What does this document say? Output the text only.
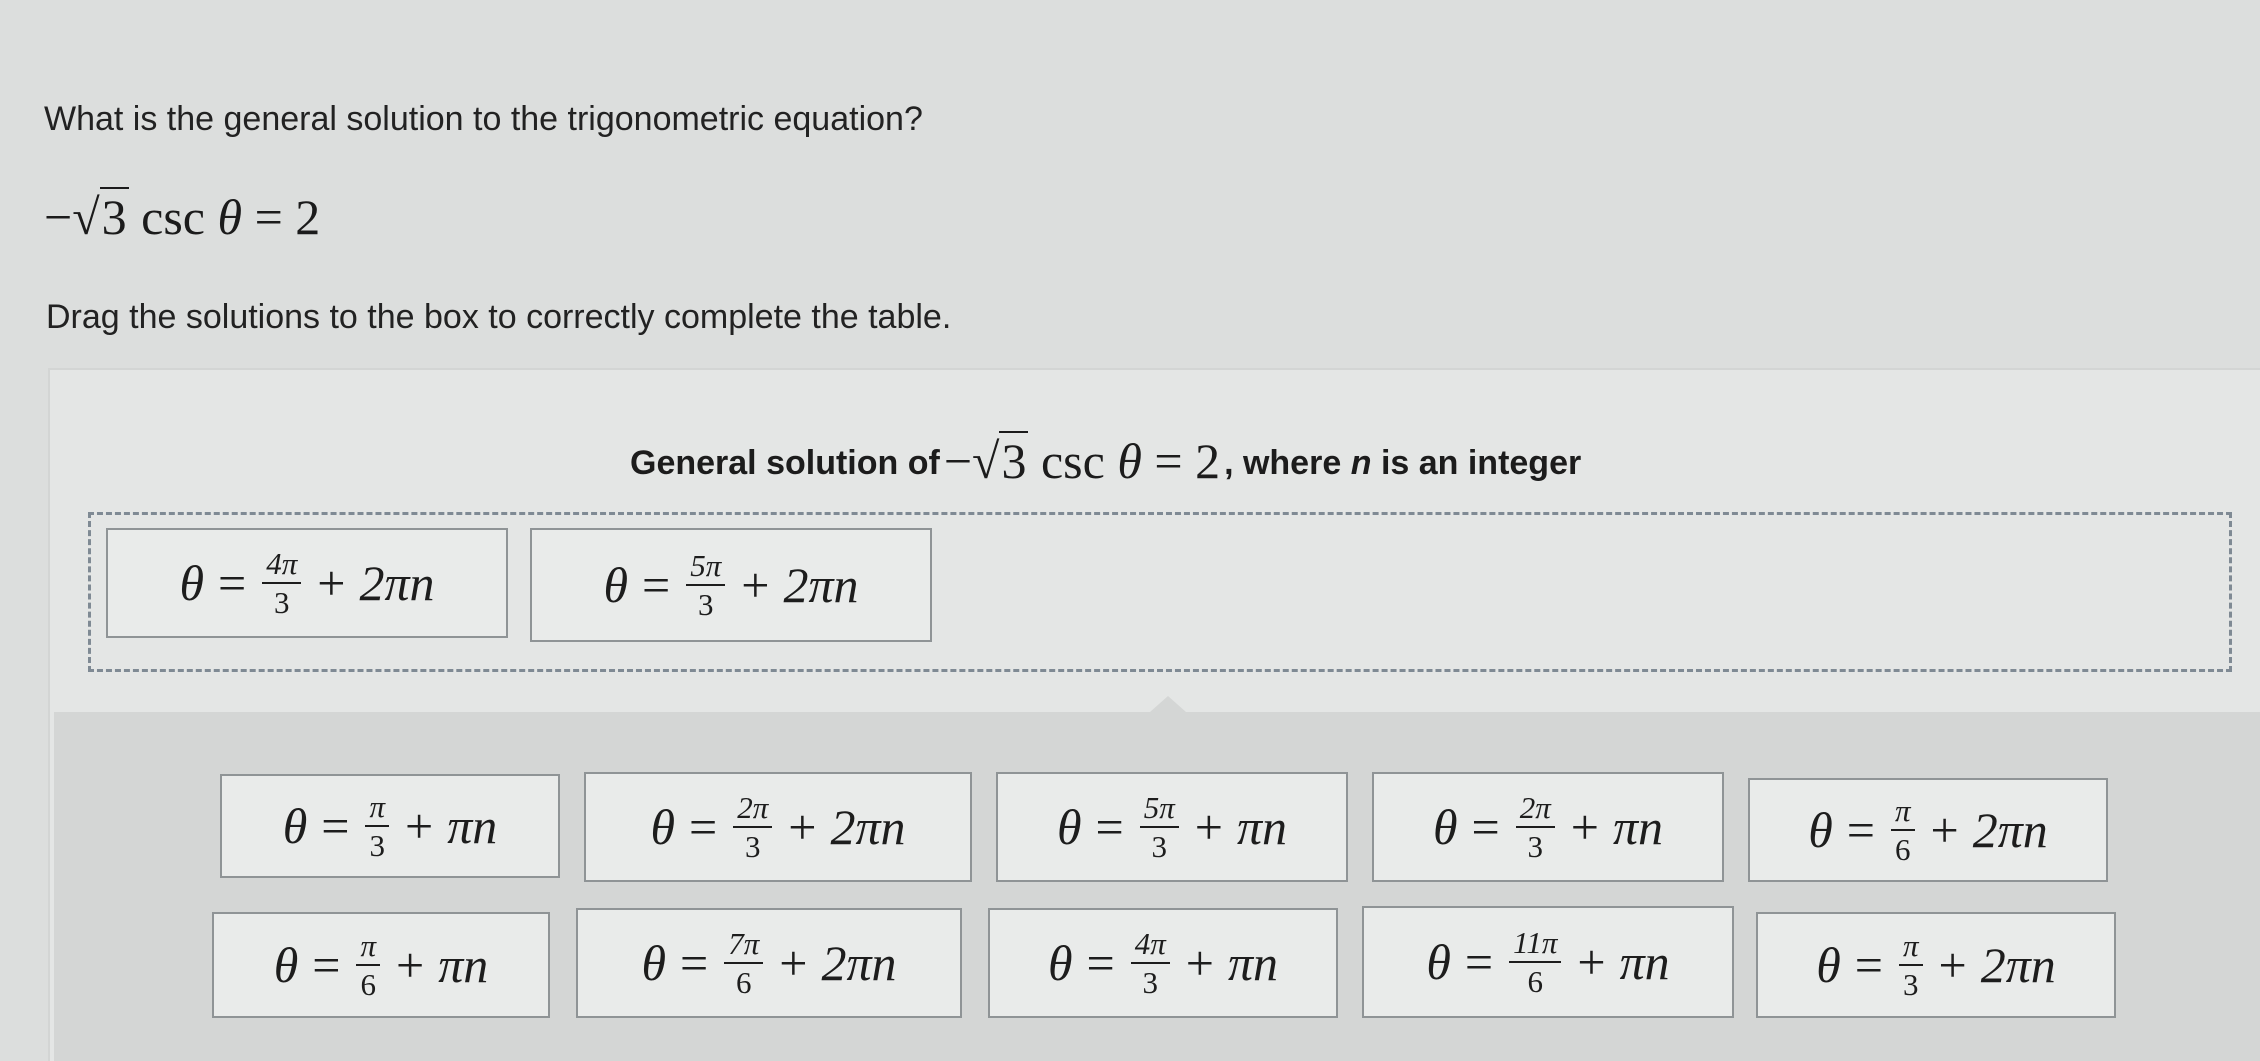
What is the general solution to the trigonometric equation?
−√3 csc θ = 2
Drag the solutions to the box to correctly complete the table.
General solution of−√3 csc θ = 2 , where n is an integer
$\theta = \frac{4\pi}{3} + 2\pi n$	$\theta = \frac{5\pi}{3} + 2\pi n$
$\theta = \frac{\pi}{3} + \pi n$	$\theta = \frac{2\pi}{3} + 2\pi n$	$\theta = \frac{5\pi}{3} + \pi n$	$\theta = \frac{2\pi}{3} + \pi n$	$\theta = \frac{\pi}{6} + 2\pi n$
$\theta = \frac{\pi}{6} + \pi n$	$\theta = \frac{7\pi}{6} + 2\pi n$	$\theta = \frac{4\pi}{3} + \pi n$	$\theta = \frac{11\pi}{6} + \pi n$	$\theta = \frac{\pi}{3} + 2\pi n$
